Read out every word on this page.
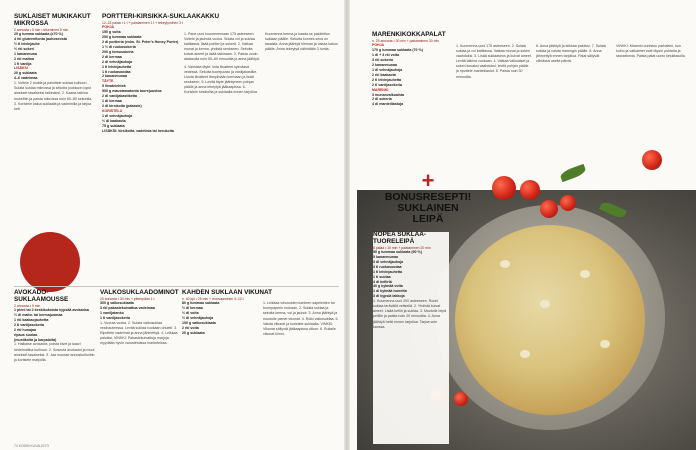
SUKLAISET MUKIKAKUT
MIKROSSA
2 annosta • 5 min • tekeminen 5 min
20 g tumma suklaata (≥70 %)
4 rkl gluteenitonta jauhoseosta
½ tl leivinjauhe
½ rkl sokeri
1 kananmuna
2 rkl maitoa
1 tl vanilja
LISÄKSI
20 g suklaata
4–6 vadelmaa
1. Voitele 2 mukia ja paloittele suklaa kulhoon. Sulata suklaa mikrossa ja sekoita joukkoon loput ainekset tasaiseksi taikinaksi. 2. Kaada taikina mukeihin ja paista mikrossa noin 60–80 sekuntia. 3. Koristele kakut suklaalla ja vadelmilla ja tarjoa heti.
PORTTERI-KIRSIKKA-SUKLAAKAKKU
12–15 palaa • 1 t + paistaminen 1 t + tekeytyminen 3 t
POHJA
150 g voita
200 g tummaa suklaata
2 dl portteria (esim. St. Peter's Honey Porter)
1 ½ dl ruokosokeria
200 g tomusokeria
2 dl kermaa
2 dl vehnäjauhoja
1 tl leivinjauhetta
1 tl ruokasoodaa
2 kananmunaa
TÄYTE
5 liivatelehteä
500 g maustamatonta tuorejuustoa
2 dl vaniljakastiketta
1 dl kermaa
2 dl kirsikoita (pakaste)
KORISTELU
1 dl vehnäjauhoja
½ dl kaakaota
75 g suklaata
LISÄKSI: kirsikoita, vadelmia tai herukoita
1. Pane uuni kuumenemaan 175 asteeseen. Voitele ja jauhota vuoka. Sulata voi ja suklaa kattilassa, lisää portteri ja sokerit. 2. Vatkaa munat ja kerma, yhdistä seokseen. Sekoita kuivat aineet ja lisää taikinaan. 3. Paista uunin alatasolla noin 55–60 minuuttia ja anna jäähtyä.
4. Valmista täyte: liota liivatteet kylmässä vedessä. Sekoita tuorejuusto ja vaniljakastike. Liuota liivatteet lämpimään kermaan ja lisää seokseen. 5. Levitä täyte jäähtyneen pohjan päälle ja anna tekeytyä jääkaapissa. 6. Koristele kirsikoilla ja suklaalla ennen tarjoilua.
Kuumenna kerma ja kaada se paloitellun suklaan päälle. Sekoita kunnes seos on tasaista. Anna jäähtyä hieman ja valuta kakun päälle. Anna tekeytyä vähintään 3 tuntia.
AVOKADO-SUKLAAMOUSSE
2 annosta • 5 min
1 pieni tai 2 keskikokoista kypsää avokadoa
½ dl maito- tai kermajuomaa
1 rkl kaakaojauhetta
2 tl vaniljasokeria
2 rkl hunajaa
ripaus suolaa
(mustikoita ja karpaloita)
1. Halkaise avokadot, poista kivet ja kaavi hedelmäliha kulhoon. 2. Soseuta avokadot ja muut ainekset tasaiseksi. 3. Jaa mousse annoskulhoihin ja koristele marjoilla.
VALKOSUKLAADOMINOT
20 annosta • 30 min + pitempään 1 t
300 g valkosuklaata
3 rkl pakastekuivattua vadelmaa
1 vaniljatanko
1 tl vaniljasokeria
1. Vuoraa vuoka. 2. Sulata valkosuklaa vesihauteessa. Levitä suklaa vuokaan ohuelti. 3. Ripottele vadelmat ja anna jähmettyä. 4. Leikkaa paloiksi. VINKKI: Pakastekuivattuja marjoja myydään hyvin varustetuissa marketeissa.
KAHDEN SUKLAAN VIKUNAT
n. 40 kpl • 25 min + muovaaminen 3–12 t
80 g tummaa suklaata
½ dl kermaa
½ dl voita
½ dl vehnäjauhoja
100 g valkosuklaata
2 rkl voita
20 g suklaata
1. Leikkaa vikunoiden kanteen sapeleiden tai tuorepaperin mukaan. 2. Sulata suklaa ja sekoita kerma, voi ja jauhot. 3. Anna jäähtyä ja muotoile pienet vikunat. 4. Roiki valkosuklaa. 5. Valuta vikunat ja koristele suklaalla. VINKKI: Vikunat säilyvät jääkaapissa viikon. 6. Rullaile vikunat kiinni.
74 KODIN KUVALEHTI
MARENKIKOKKAPALAT
n. 25 annosta • 30 min + paistaminen 30 min
POHJA
170 g tummaa suklaata (70 %)
1 dl + 4 rkl voita
3 rkl sokeria
2 kananmunaa
1 dl vehnäjauhoja
2 rkl kaakaota
2 tl leivinjauhetta
2 tl vaniljasokeria
MARENKI
3 munanvalkuaista
2 dl sokeria
4 dl mantelilastuja
1. Kuumenna uuni 175 asteeseen. 2. Sulata suklaa ja voi kattilassa. Vatkaa munat ja sokeri vaahdoksi. 3. Lisää suklaaseos ja kuivat aineet. Levitä taikina vuokaan. 4. Vatkaa valkuaiset ja sokeri kovaksi vaahdoksi, levitä pohjan päälle ja ripottele mantelilastut. 5. Paista noin 30 minuuttia.
6. Anna jäähtyä ja leikkaa paloiksi. 7. Sulata suklaa ja valuta marengin päälle. 8. Anna jähmettyä ennen tarjoilua. Palat säilyvät viileässä useita päiviä.
VINKKI: Marenki onnistuu parhaiten, kun kulho ja vatkaimet ovat täysin puhtaita ja rasvattomia. Paista palat uunin keskitasolla.
+
BONUSRESEPTI!
SUKLAINEN
LEIPÄ
NOPEA SUKLAA-TUORELEIPÄ
8 palaa • 10 min + paistaminen 20 min
50 g tummaa suklaata (90 %)
5 kananmunaa
3 dl vehnäjauhoja
3 tl ruokasoodaa
1 tl leivinjauhetta
1 tl suolaa
4 dl kefiiriä
40 g kylmää voita
1 dl kylmää tuoretta
3 dl kypsiä lakkoja
1. Kuumenna uuni 200 asteeseen. Rouhi suklaa terävällä veitsellä. 2. Yhdistä kuivat aineet. Lisää kefiiri ja suklaa. 3. Muotoile leipä pellille ja paista noin 20 minuuttia. 4. Anna jäähtyä hetki ennen tarjoilua. Tarjoa voin kanssa.
